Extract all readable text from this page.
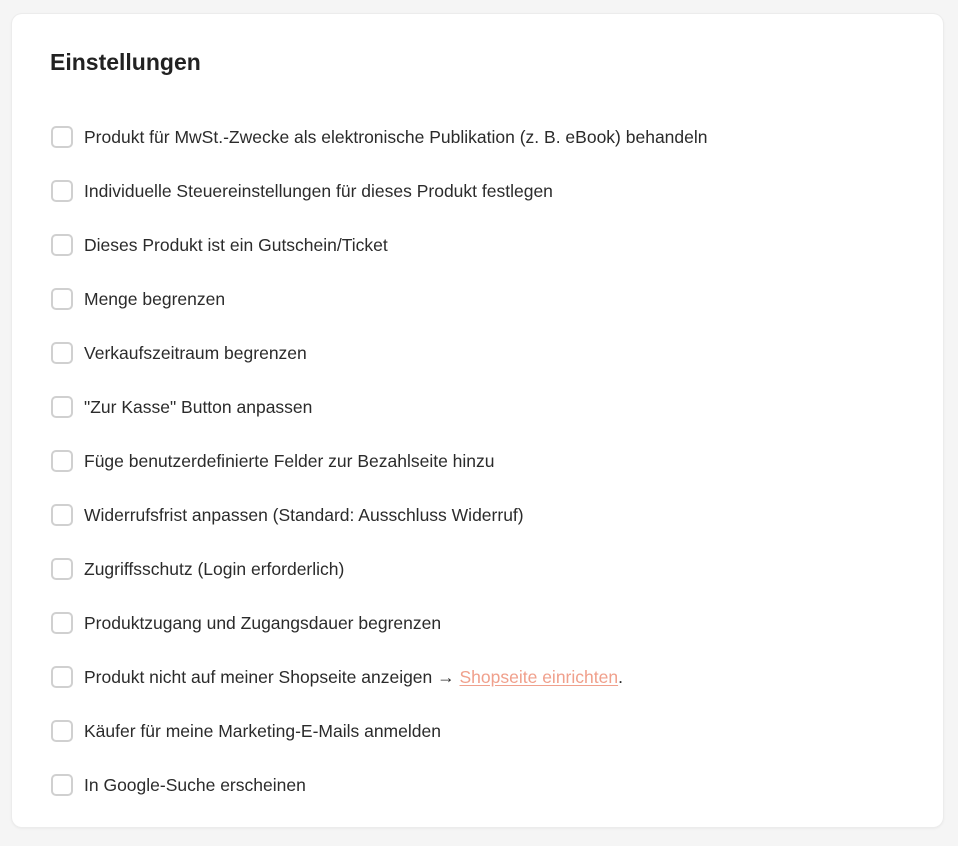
Einstellungen
Produkt für MwSt.-Zwecke als elektronische Publikation (z. B. eBook) behandeln
Individuelle Steuereinstellungen für dieses Produkt festlegen
Dieses Produkt ist ein Gutschein/Ticket
Menge begrenzen
Verkaufszeitraum begrenzen
"Zur Kasse" Button anpassen
Füge benutzerdefinierte Felder zur Bezahlseite hinzu
Widerrufsfrist anpassen (Standard: Ausschluss Widerruf)
Zugriffsschutz (Login erforderlich)
Produktzugang und Zugangsdauer begrenzen
Produkt nicht auf meiner Shopseite anzeigen → Shopseite einrichten.
Käufer für meine Marketing-E-Mails anmelden
In Google-Suche erscheinen
